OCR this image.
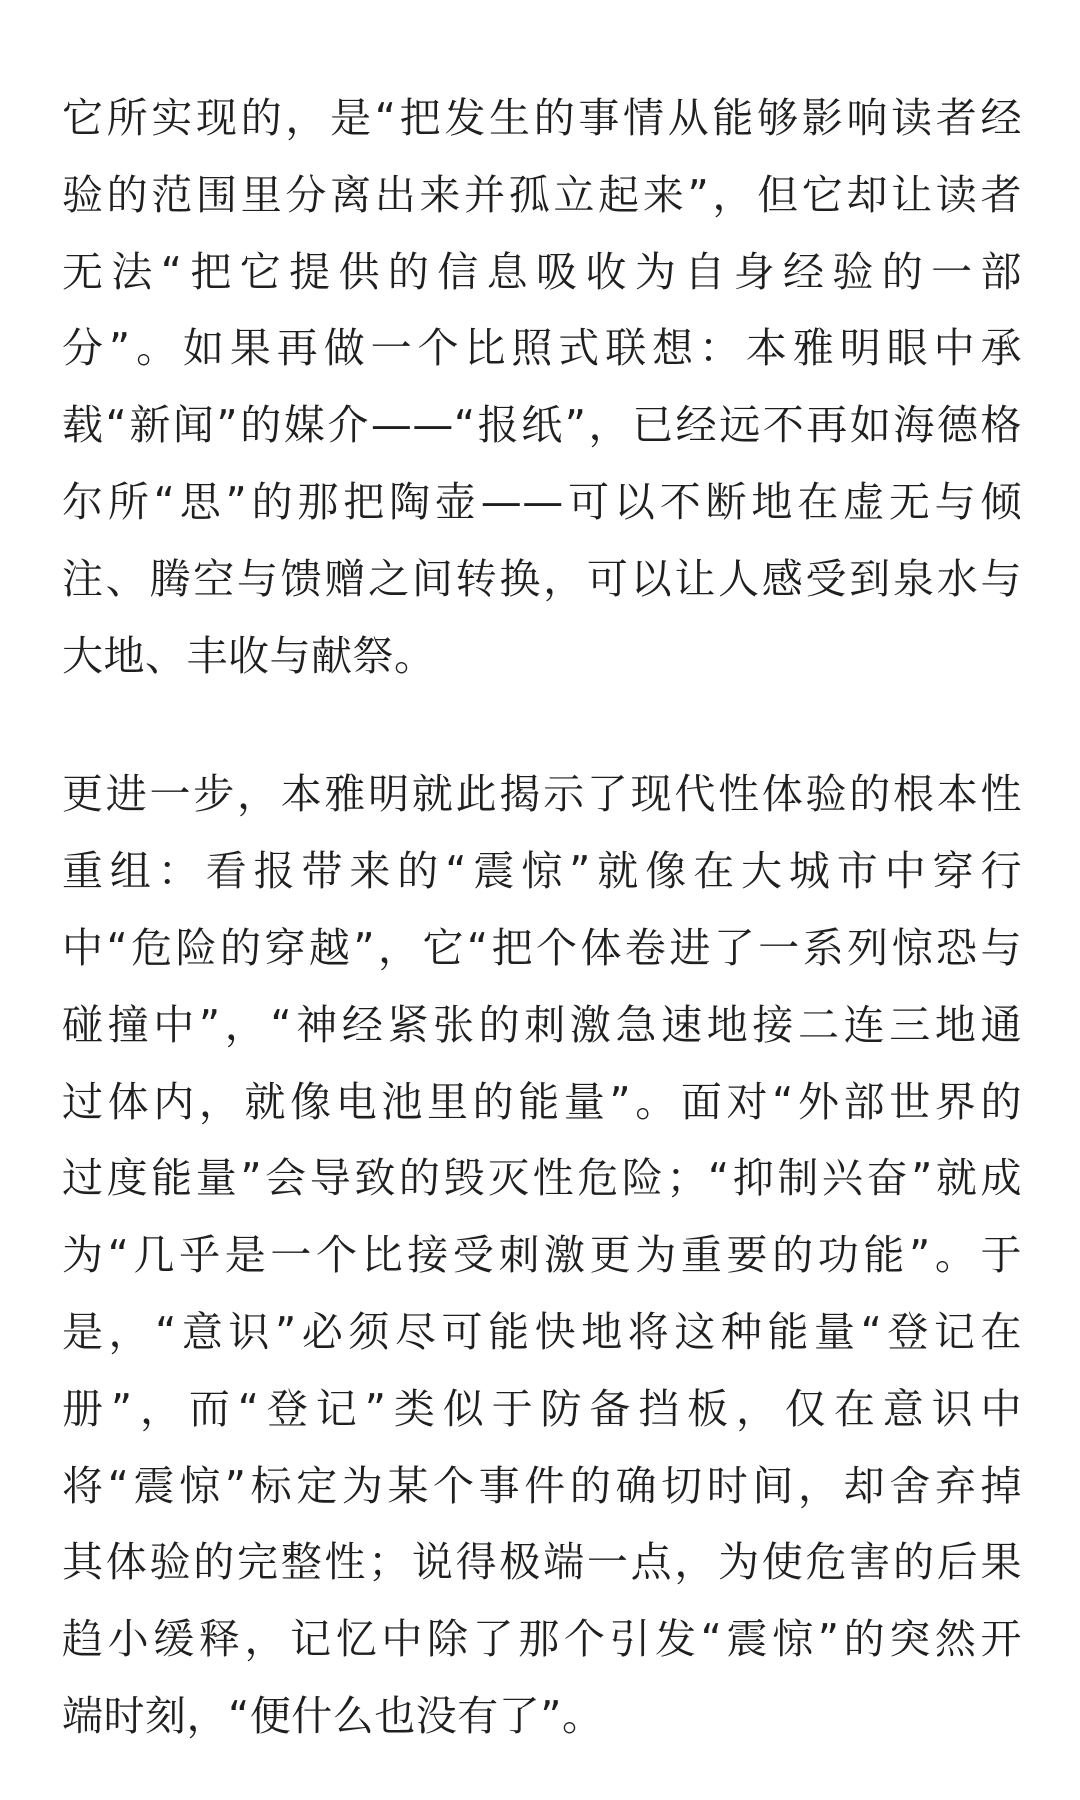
它所实现的，是“把发生的事情从能够影响读者经
验的范围里分离出来并孤立起来”，但它却让读者
无法“把它提供的信息吸收为自身经验的一部
分”。如果再做一个比照式联想：本雅明眼中承
载“新闻”的媒介——“报纸”，已经远不再如海德格
尔所“思”的那把陶壶——可以不断地在虚无与倾
注、腾空与馈赠之间转换，可以让人感受到泉水与
大地、丰收与献祭。

更进一步，本雅明就此揭示了现代性体验的根本性
重组：看报带来的“震惊”就像在大城市中穿行
中“危险的穿越”，它“把个体卷进了一系列惊恐与
碰撞中”，“神经紧张的刺激急速地接二连三地通
过体内，就像电池里的能量”。面对“外部世界的
过度能量”会导致的毁灭性危险；“抑制兴奋”就成
为“几乎是一个比接受刺激更为重要的功能”。于
是，“意识”必须尽可能快地将这种能量“登记在
册”，而“登记”类似于防备挡板，仅在意识中
将“震惊”标定为某个事件的确切时间，却舍弃掉
其体验的完整性；说得极端一点，为使危害的后果
趋小缓释，记忆中除了那个引发“震惊”的突然开
端时刻，“便什么也没有了”。
